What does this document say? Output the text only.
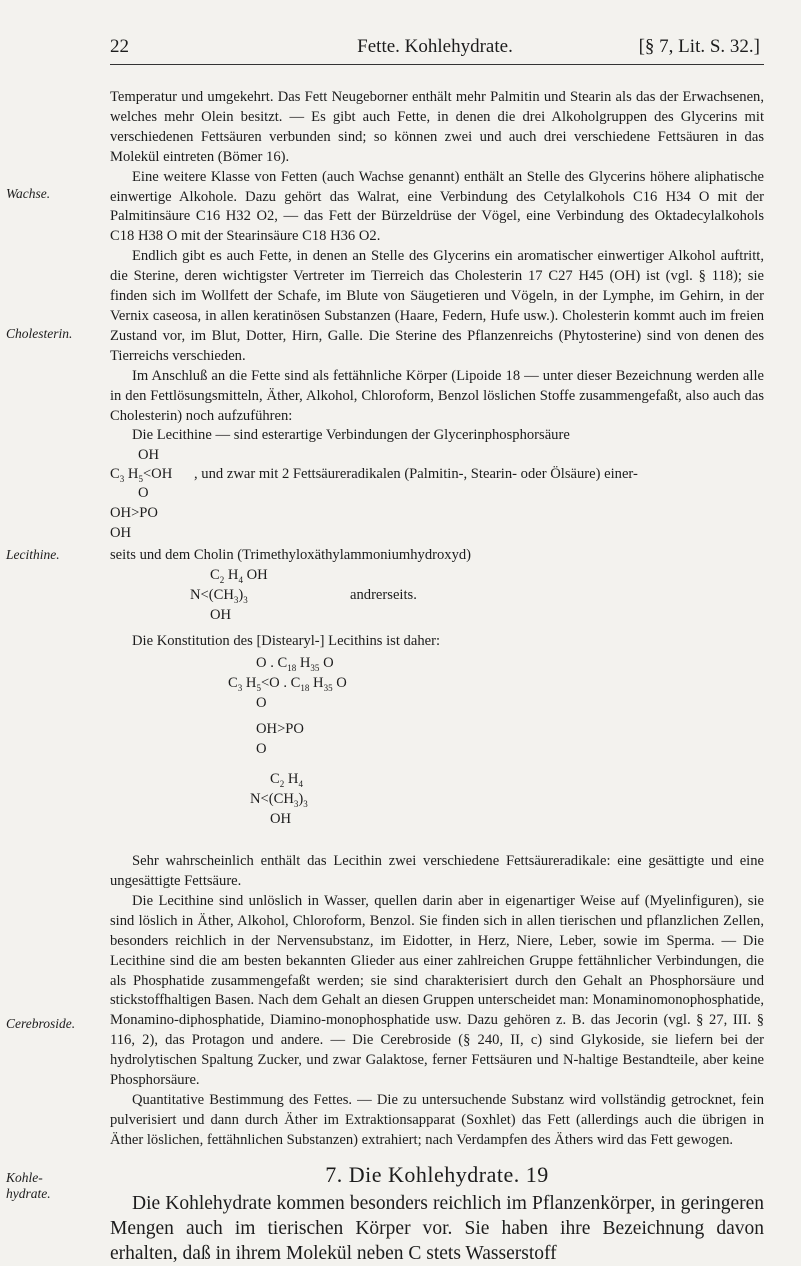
22	Fette. Kohlehydrate.	[§ 7, Lit. S. 32.]
Wachse.
Cholesterin.
Lecithine.
Cerebroside.
Kohle-
hydrate.

Temperatur und umgekehrt. Das Fett Neugeborner enthält mehr Palmitin und Stearin als das der Erwachsenen, welches mehr Olein besitzt. — Es gibt auch Fette, in denen die drei Alkoholgruppen des Glycerins mit verschiedenen Fettsäuren verbunden sind; so können zwei und auch drei verschiedene Fettsäuren in das Molekül eintreten (Bömer 16).

Eine weitere Klasse von Fetten (auch Wachse genannt) enthält an Stelle des Glycerins höhere aliphatische einwertige Alkohole. Dazu gehört das Walrat, eine Verbindung des Cetylalkohols C16 H34 O mit der Palmitinsäure C16 H32 O2, — das Fett der Bürzeldrüse der Vögel, eine Verbindung des Oktadecylalkohols C18 H38 O mit der Stearinsäure C18 H36 O2.

Endlich gibt es auch Fette, in denen an Stelle des Glycerins ein aromatischer einwertiger Alkohol auftritt, die Sterine, deren wichtigster Vertreter im Tierreich das Cholesterin 17 C27 H45 (OH) ist (vgl. § 118); sie finden sich im Wollfett der Schafe, im Blute von Säugetieren und Vögeln, in der Lymphe, im Gehirn, in der Vernix caseosa, in allen keratinösen Substanzen (Haare, Federn, Hufe usw.). Cholesterin kommt auch im freien Zustand vor, im Blut, Dotter, Hirn, Galle. Die Sterine des Pflanzenreichs (Phytosterine) sind von denen des Tierreichs verschieden.

Im Anschluß an die Fette sind als fettähnliche Körper (Lipoide 18 — unter dieser Bezeichnung werden alle in den Fettlösungsmitteln, Äther, Alkohol, Chloroform, Benzol löslichen Stoffe zusammengefaßt, also auch das Cholesterin) noch aufzuführen:

Die Lecithine — sind esterartige Verbindungen der Glycerinphosphorsäure

OH

$C_3$ $H_5<OH$

, und zwar mit 2 Fettsäureradikalen (Palmitin-, Stearin- oder Ölsäure) einer-

O

OH>PO

OH

seits und dem Cholin (Trimethyloxäthylammoniumhydroxyd)

$C_2$ $H_4$ OH

$N<(CH_3)_3$

	andrerseits.

OH

Die Konstitution des [Distearyl-] Lecithins ist daher:

O . $C_{18}$ $H_{35}$ O

$C_3$ $H_5<O$ . $C_{18}$ $H_{35}$ O

O

OH>PO

O

$C_2$ $H_4$

$N<(CH_3)_3$

OH

Sehr wahrscheinlich enthält das Lecithin zwei verschiedene Fettsäureradikale: eine gesättigte und eine ungesättigte Fettsäure.

Die Lecithine sind unlöslich in Wasser, quellen darin aber in eigenartiger Weise auf (Myelinfiguren), sie sind löslich in Äther, Alkohol, Chloroform, Benzol. Sie finden sich in allen tierischen und pflanzlichen Zellen, besonders reichlich in der Nervensubstanz, im Eidotter, in Herz, Niere, Leber, sowie im Sperma. — Die Lecithine sind die am besten bekannten Glieder aus einer zahlreichen Gruppe fettähnlicher Verbindungen, die als Phosphatide zusammengefaßt werden; sie sind charakterisiert durch den Gehalt an Phosphorsäure und stickstoffhaltigen Basen. Nach dem Gehalt an diesen Gruppen unterscheidet man: Monaminomonophosphatide, Monamino-diphosphatide, Diamino-monophosphatide usw. Dazu gehören z. B. das Jecorin (vgl. § 27, III. § 116, 2), das Protagon und andere. — Die Cerebroside (§ 240, II, c) sind Glykoside, sie liefern bei der hydrolytischen Spaltung Zucker, und zwar Galaktose, ferner Fettsäuren und N-haltige Bestandteile, aber keine Phosphorsäure.

Quantitative Bestimmung des Fettes. — Die zu untersuchende Substanz wird vollständig getrocknet, fein pulverisiert und dann durch Äther im Extraktionsapparat (Soxhlet) das Fett (allerdings auch die übrigen in Äther löslichen, fettähnlichen Substanzen) extrahiert; nach Verdampfen des Äthers wird das Fett gewogen.

7. Die Kohlehydrate. 19

Die Kohlehydrate kommen besonders reichlich im Pflanzenkörper, in geringeren Mengen auch im tierischen Körper vor. Sie haben ihre Bezeichnung davon erhalten, daß in ihrem Molekül neben C stets Wasserstoff
